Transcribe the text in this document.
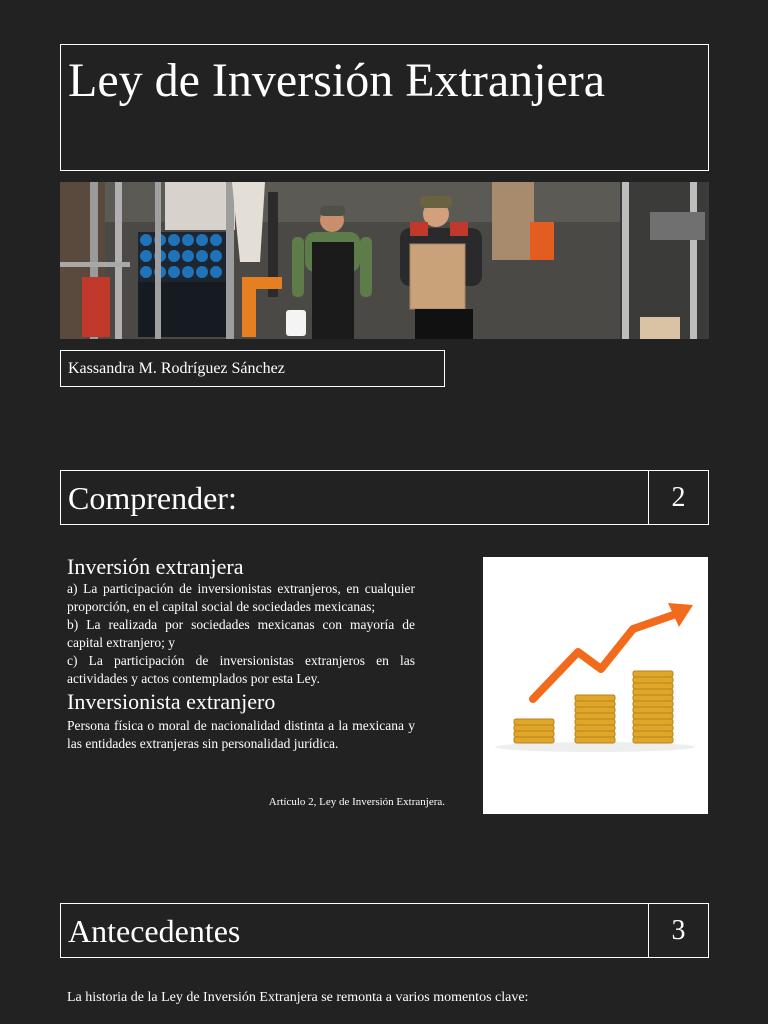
Ley de Inversión Extranjera
Kassandra M. Rodríguez Sánchez
Comprender:	2
Inversión extranjera

a) La participación de inversionistas extranjeros, en cualquier proporción, en el capital social de sociedades mexicanas;

b) La realizada por sociedades mexicanas con mayoría de capital extranjero; y

c) La participación de inversionistas extranjeros en las actividades y actos contemplados por esta Ley.

Inversionista extranjero

Persona física o moral de nacionalidad distinta a la mexicana y las entidades extranjeras sin personalidad jurídica.

Artículo 2, Ley de Inversión Extranjera.
Antecedentes	3
La historia de la Ley de Inversión Extranjera se remonta a varios momentos clave:
